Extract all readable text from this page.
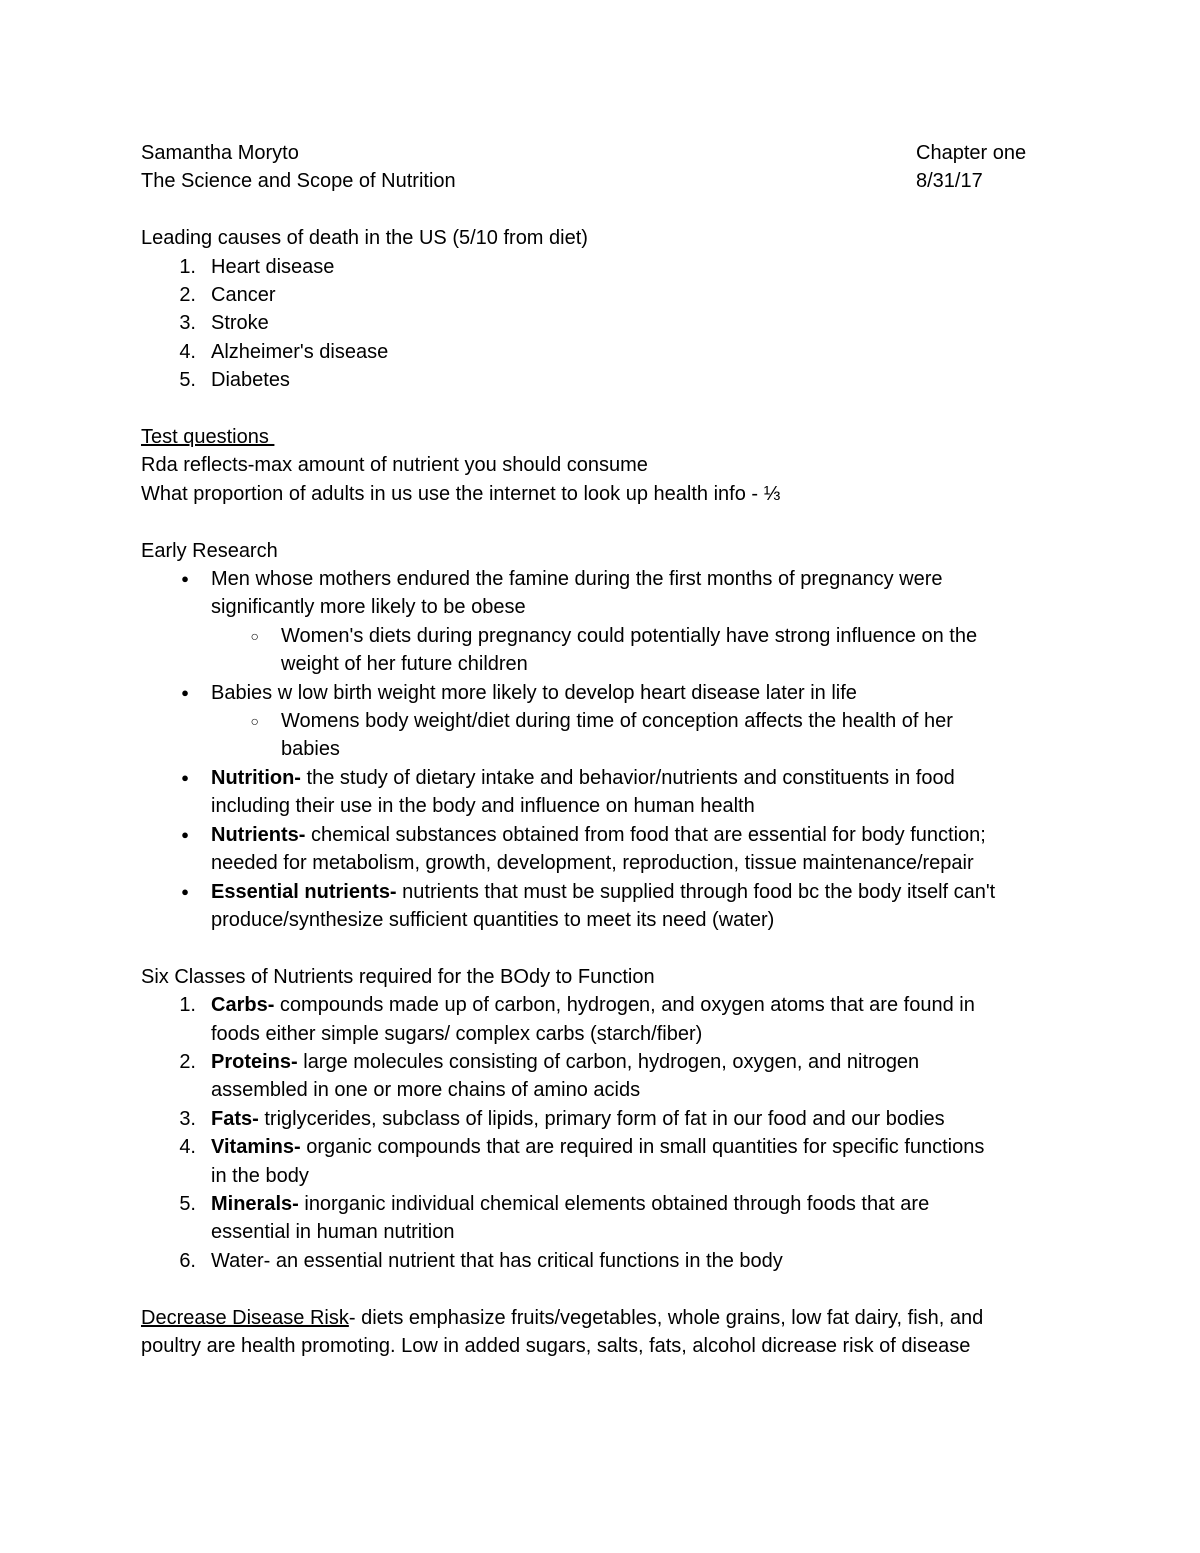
Samantha Moryto
The Science and Scope of Nutrition
Chapter one
8/31/17
Leading causes of death in the US (5/10 from diet)
1. Heart disease
2. Cancer
3. Stroke
4. Alzheimer's disease
5. Diabetes
Test questions
Rda reflects-max amount of nutrient you should consume
What proportion of adults in us use the internet to look up health info - ⅓
Early Research
●	Men whose mothers endured the famine during the first months of pregnancy were
significantly more likely to be obese
○	Women's diets during pregnancy could potentially have strong influence on the
weight of her future children
●	Babies w low birth weight more likely to develop heart disease later in life
○	Womens body weight/diet during time of conception affects the health of her
babies
●	Nutrition- the study of dietary intake and behavior/nutrients and constituents in food
including their use in the body and influence on human health
●	Nutrients- chemical substances obtained from food that are essential for body function;
needed for metabolism, growth, development, reproduction, tissue maintenance/repair
●	Essential nutrients- nutrients that must be supplied through food bc the body itself can't
produce/synthesize sufficient quantities to meet its need (water)
Six Classes of Nutrients required for the BOdy to Function
1. Carbs- compounds made up of carbon, hydrogen, and oxygen atoms that are found in
foods either simple sugars/ complex carbs (starch/fiber)
2. Proteins- large molecules consisting of carbon, hydrogen, oxygen, and nitrogen
assembled in one or more chains of amino acids
3. Fats- triglycerides, subclass of lipids, primary form of fat in our food and our bodies
4. Vitamins- organic compounds that are required in small quantities for specific functions
in the body
5. Minerals- inorganic individual chemical elements obtained through foods that are
essential in human nutrition
6. Water- an essential nutrient that has critical functions in the body
Decrease Disease Risk- diets emphasize fruits/vegetables, whole grains, low fat dairy, fish, and
poultry are health promoting. Low in added sugars, salts, fats, alcohol dicrease risk of disease
